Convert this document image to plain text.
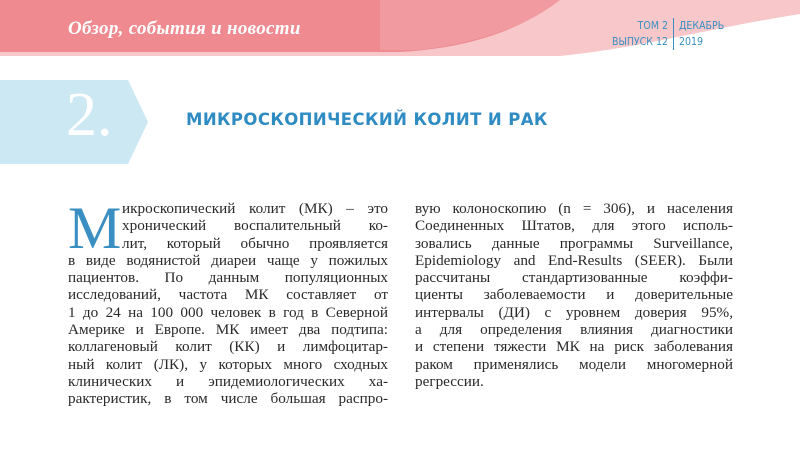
Обзор, события и новости	ТОМ 2 ДЕКАБРЬ
ВЫПУСК 12 2019
2.	МИКРОСКОПИЧЕСКИЙ КОЛИТ И РАК
М икроскопический колит (МК) – это
хронический воспалительный ко-
лит, который обычно проявляется
в виде водянистой диареи чаще у пожилых
пациентов. По данным популяционных
исследований, частота МК составляет от
1 до 24 на 100 000 человек в год в Северной
Америке и Европе. МК имеет два подтипа:
коллагеновый колит (КК) и лимфоцитар-
ный колит (ЛК), у которых много сходных
клинических и эпидемиологических ха-
рактеристик, в том числе большая распро-
вую колоноскопию (n = 306), и населения
Соединенных Штатов, для этого исполь-
зовались данные программы Surveillance,
Epidemiology and End-Results (SEER). Были
рассчитаны стандартизованные коэффи-
циенты заболеваемости и доверительные
интервалы (ДИ) с уровнем доверия 95%,
а для определения влияния диагностики
и степени тяжести МК на риск заболевания
раком применялись модели многомерной
регрессии.
